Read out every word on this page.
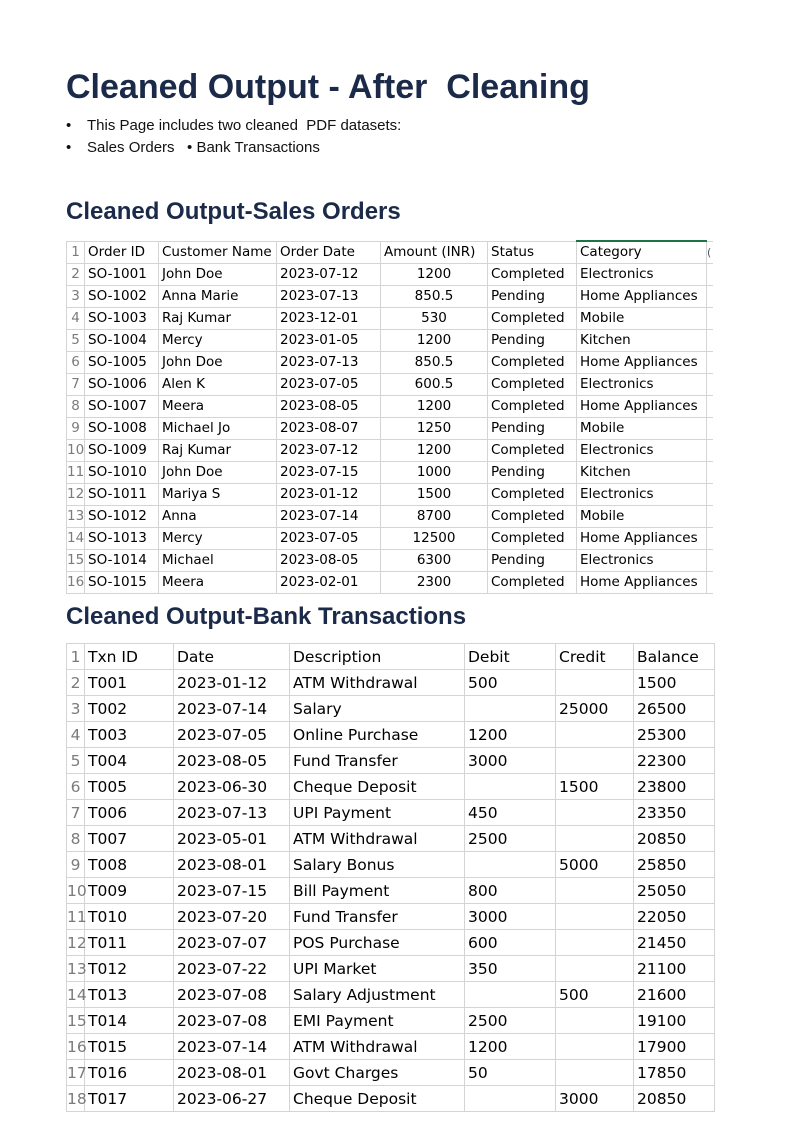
Cleaned Output - After  Cleaning
• This Page includes two cleaned  PDF datasets:
• Sales Orders   • Bank Transactions
Cleaned Output-Sales Orders
1	Order ID	Customer Name	Order Date	Amount (INR)	Status	Category	(
2	SO-1001	John Doe	2023-07-12	1200	Completed	Electronics	
3	SO-1002	Anna Marie	2023-07-13	850.5	Pending	Home Appliances	
4	SO-1003	Raj Kumar	2023-12-01	530	Completed	Mobile	
5	SO-1004	Mercy	2023-01-05	1200	Pending	Kitchen	
6	SO-1005	John Doe	2023-07-13	850.5	Completed	Home Appliances	
7	SO-1006	Alen K	2023-07-05	600.5	Completed	Electronics	
8	SO-1007	Meera	2023-08-05	1200	Completed	Home Appliances	
9	SO-1008	Michael Jo	2023-08-07	1250	Pending	Mobile	
10	SO-1009	Raj Kumar	2023-07-12	1200	Completed	Electronics	
11	SO-1010	John Doe	2023-07-15	1000	Pending	Kitchen	
12	SO-1011	Mariya S	2023-01-12	1500	Completed	Electronics	
13	SO-1012	Anna	2023-07-14	8700	Completed	Mobile	
14	SO-1013	Mercy	2023-07-05	12500	Completed	Home Appliances	
15	SO-1014	Michael	2023-08-05	6300	Pending	Electronics	
16	SO-1015	Meera	2023-02-01	2300	Completed	Home Appliances	
Cleaned Output-Bank Transactions
1	Txn ID	Date	Description	Debit	Credit	Balance
2	T001	2023-01-12	ATM Withdrawal	500		1500
3	T002	2023-07-14	Salary		25000	26500
4	T003	2023-07-05	Online Purchase	1200		25300
5	T004	2023-08-05	Fund Transfer	3000		22300
6	T005	2023-06-30	Cheque Deposit		1500	23800
7	T006	2023-07-13	UPI Payment	450		23350
8	T007	2023-05-01	ATM Withdrawal	2500		20850
9	T008	2023-08-01	Salary Bonus		5000	25850
10	T009	2023-07-15	Bill Payment	800		25050
11	T010	2023-07-20	Fund Transfer	3000		22050
12	T011	2023-07-07	POS Purchase	600		21450
13	T012	2023-07-22	UPI Market	350		21100
14	T013	2023-07-08	Salary Adjustment		500	21600
15	T014	2023-07-08	EMI Payment	2500		19100
16	T015	2023-07-14	ATM Withdrawal	1200		17900
17	T016	2023-08-01	Govt Charges	50		17850
18	T017	2023-06-27	Cheque Deposit		3000	20850
